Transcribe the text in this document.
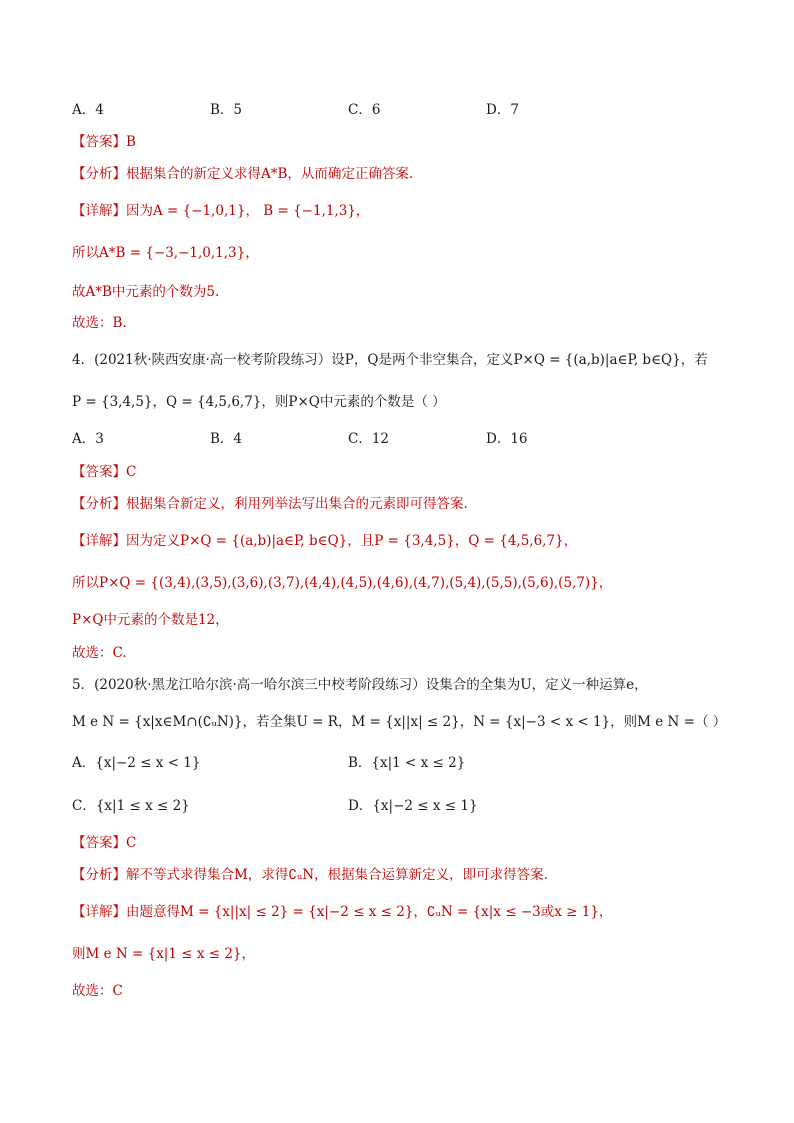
A．4	B．5	C．6	D．7
【答案】B
【分析】根据集合的新定义求得A*B，从而确定正确答案.
【详解】因为A = {−1,0,1}， B = {−1,1,3}，
所以A*B = {−3,−1,0,1,3}，
故A*B中元素的个数为5.
故选：B.
4．(2021秋·陕西安康·高一校考阶段练习）设P，Q是两个非空集合，定义P×Q = {(a,b)|a∈P, b∈Q}，若
P = {3,4,5}，Q = {4,5,6,7}，则P×Q中元素的个数是（ ）
A．3	B．4	C．12	D．16
【答案】C
【分析】根据集合新定义，利用列举法写出集合的元素即可得答案.
【详解】因为定义P×Q = {(a,b)|a∈P, b∈Q}，且P = {3,4,5}，Q = {4,5,6,7}，
所以P×Q = {(3,4),(3,5),(3,6),(3,7),(4,4),(4,5),(4,6),(4,7),(5,4),(5,5),(5,6),(5,7)}，
P×Q中元素的个数是12，
故选：C.
5．(2020秋·黑龙江哈尔滨·高一哈尔滨三中校考阶段练习）设集合的全集为U，定义一种运算e，
M e N = {x|x∈M∩(∁ᵤN)}，若全集U = R，M = {x||x| ≤ 2}，N = {x|−3 < x < 1}，则M e N =（ ）
A．{x|−2 ≤ x < 1}	B．{x|1 < x ≤ 2}
C．{x|1 ≤ x ≤ 2}	D．{x|−2 ≤ x ≤ 1}
【答案】C
【分析】解不等式求得集合M，求得∁ᵤN，根据集合运算新定义，即可求得答案.
【详解】由题意得M = {x||x| ≤ 2} = {x|−2 ≤ x ≤ 2}，∁ᵤN = {x|x ≤ −3或x ≥ 1}，
则M e N = {x|1 ≤ x ≤ 2}，
故选：C
